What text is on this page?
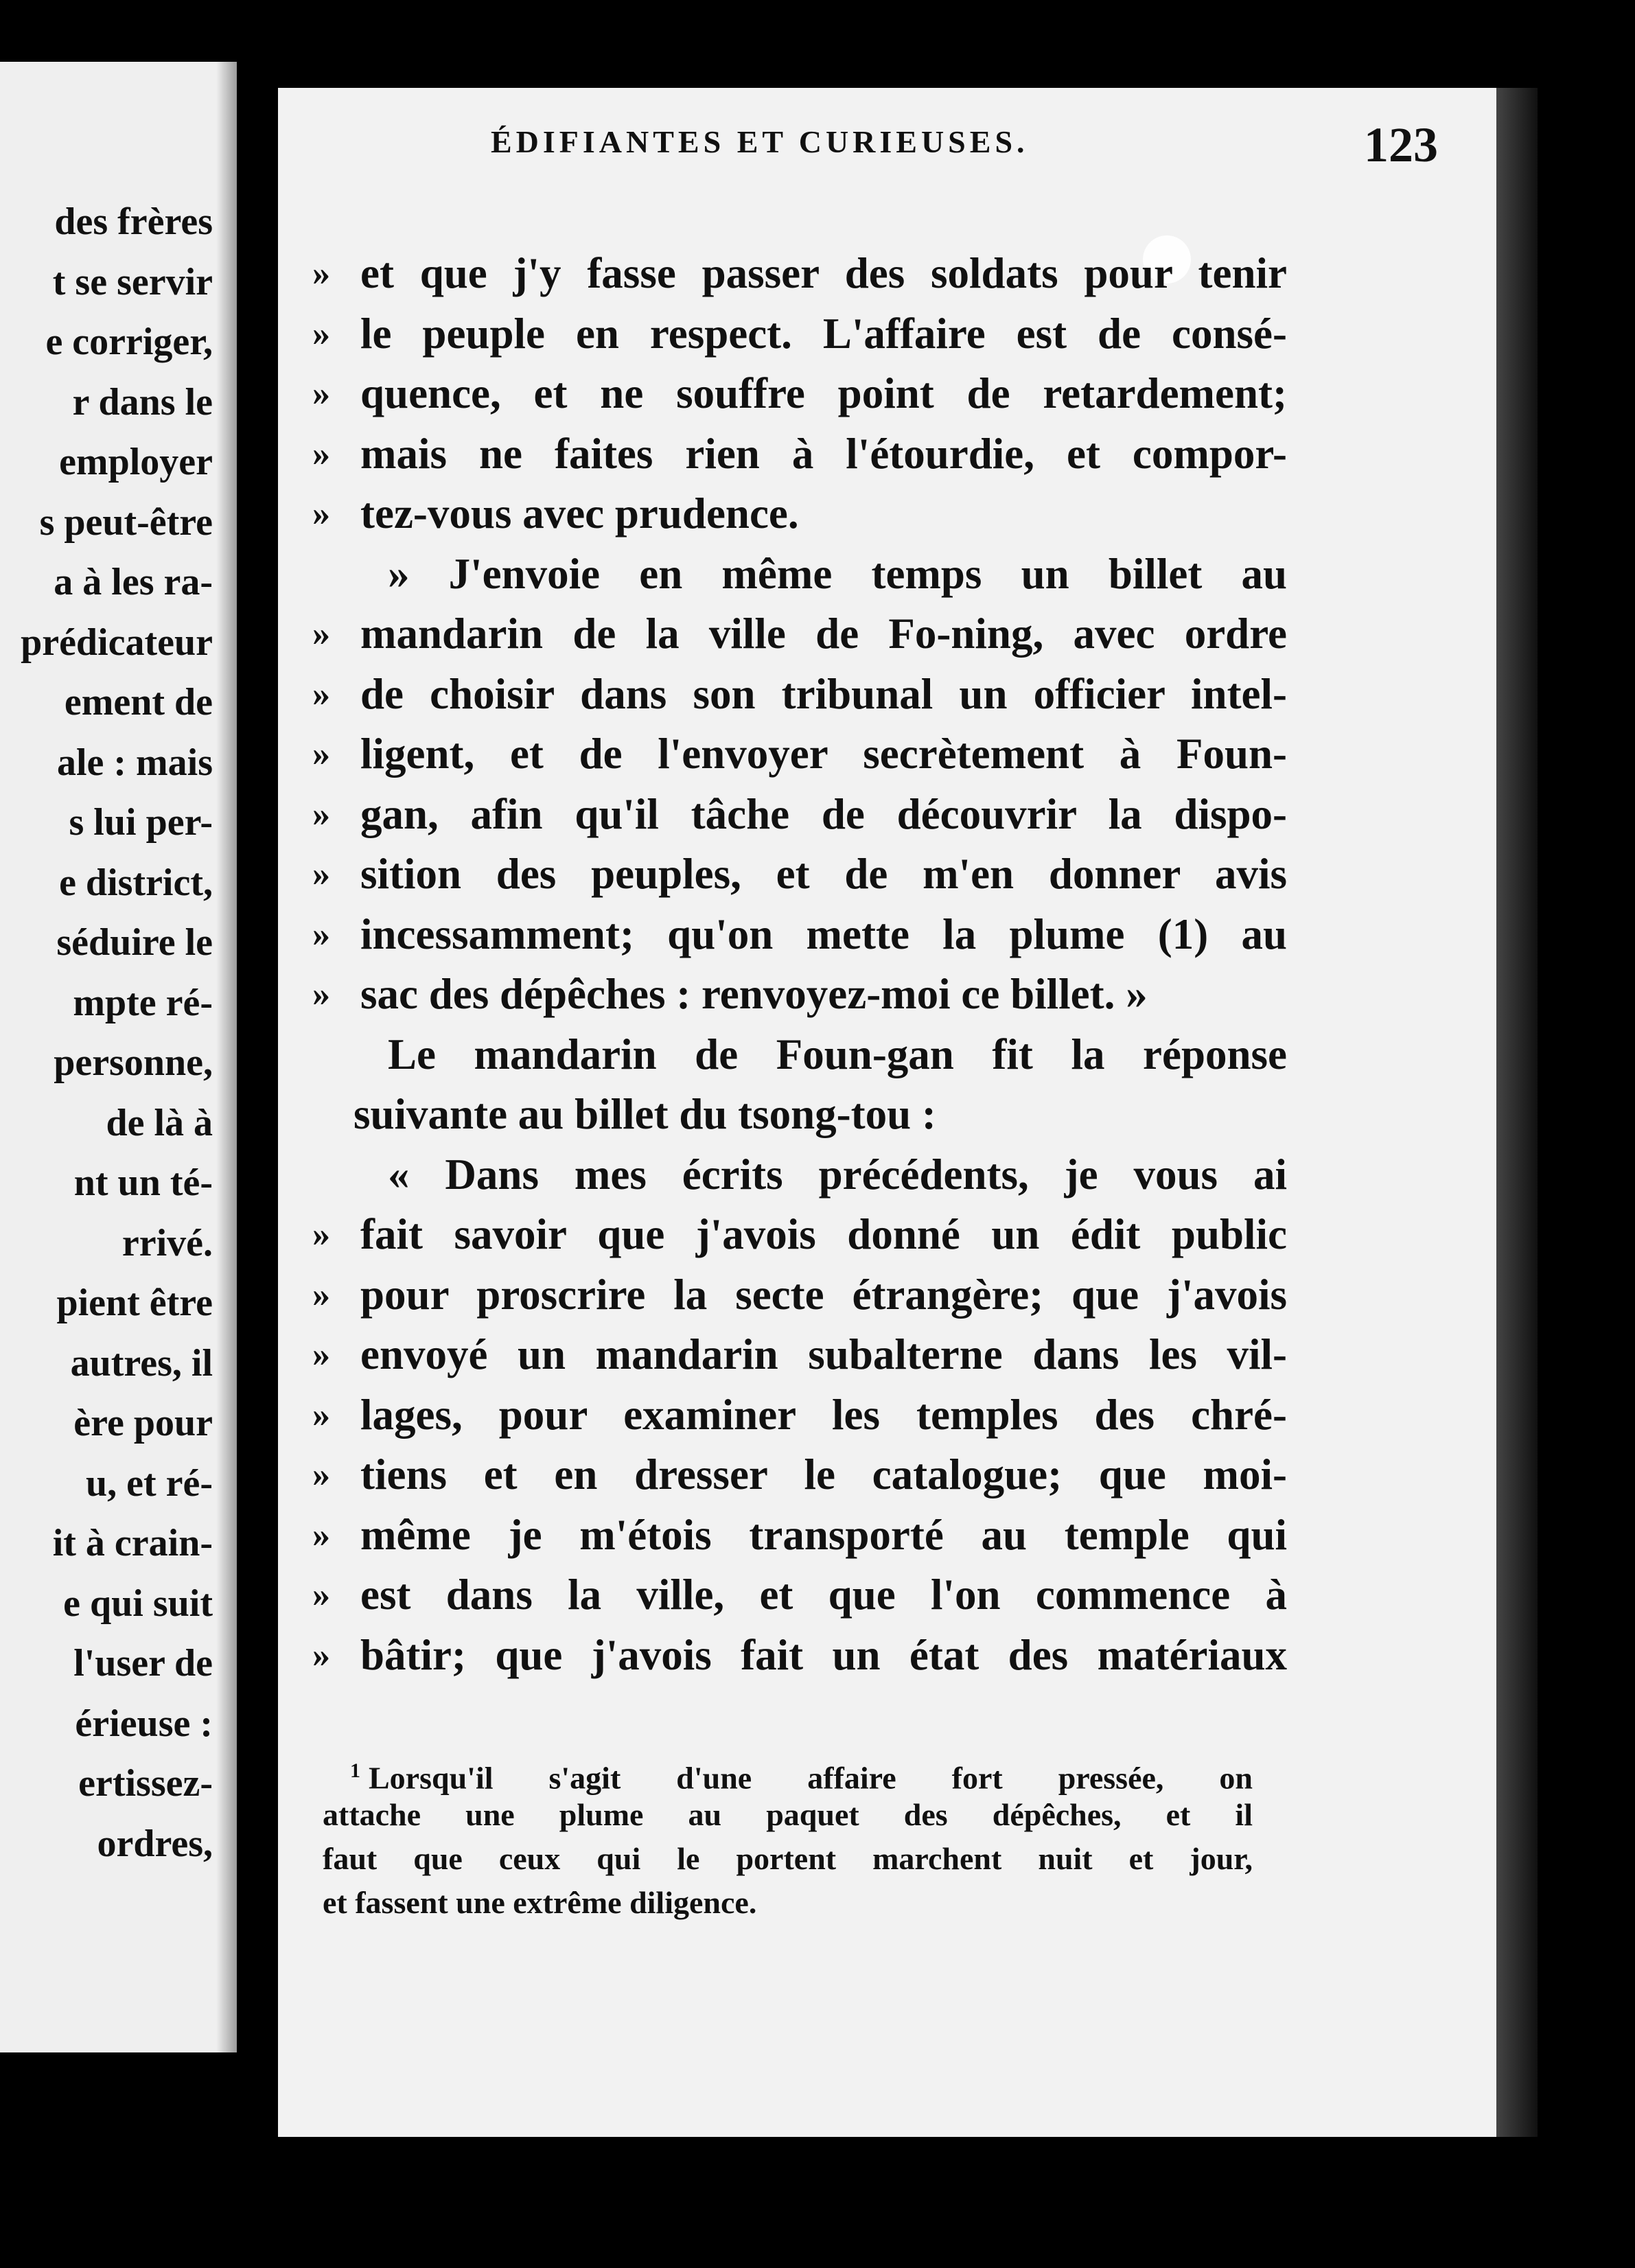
des frères
t se servir
e corriger,
r dans le
employer
s peut-être
a à les ra-
prédicateur
ement de
ale : mais
s lui per-
e district,
séduire le
mpte ré-
personne,
de là à
nt un té-
rrivé.
pient être
autres, il
ère pour
u, et ré-
it à crain-
e qui suit
l'user de
érieuse :
ertissez-
ordres,
ÉDIFIANTES ET CURIEUSES.	123
» et que j'y fasse passer des soldats pour tenir
» le peuple en respect. L'affaire est de consé-
» quence, et ne souffre point de retardement;
» mais ne faites rien à l'étourdie, et compor-
» tez-vous avec prudence.
» J'envoie en même temps un billet au
» mandarin de la ville de Fo-ning, avec ordre
» de choisir dans son tribunal un officier intel-
» ligent, et de l'envoyer secrètement à Foun-
» gan, afin qu'il tâche de découvrir la dispo-
» sition des peuples, et de m'en donner avis
» incessamment; qu'on mette la plume (1) au
» sac des dépêches : renvoyez-moi ce billet. »
Le mandarin de Foun-gan fit la réponse
suivante au billet du tsong-tou :
« Dans mes écrits précédents, je vous ai
» fait savoir que j'avois donné un édit public
» pour proscrire la secte étrangère; que j'avois
» envoyé un mandarin subalterne dans les vil-
» lages, pour examiner les temples des chré-
» tiens et en dresser le catalogue; que moi-
» même je m'étois transporté au temple qui
» est dans la ville, et que l'on commence à
» bâtir; que j'avois fait un état des matériaux
$^1$ Lorsqu'il s'agit d'une affaire fort pressée, on
attache une plume au paquet des dépêches, et il
faut que ceux qui le portent marchent nuit et jour,
et fassent une extrême diligence.
